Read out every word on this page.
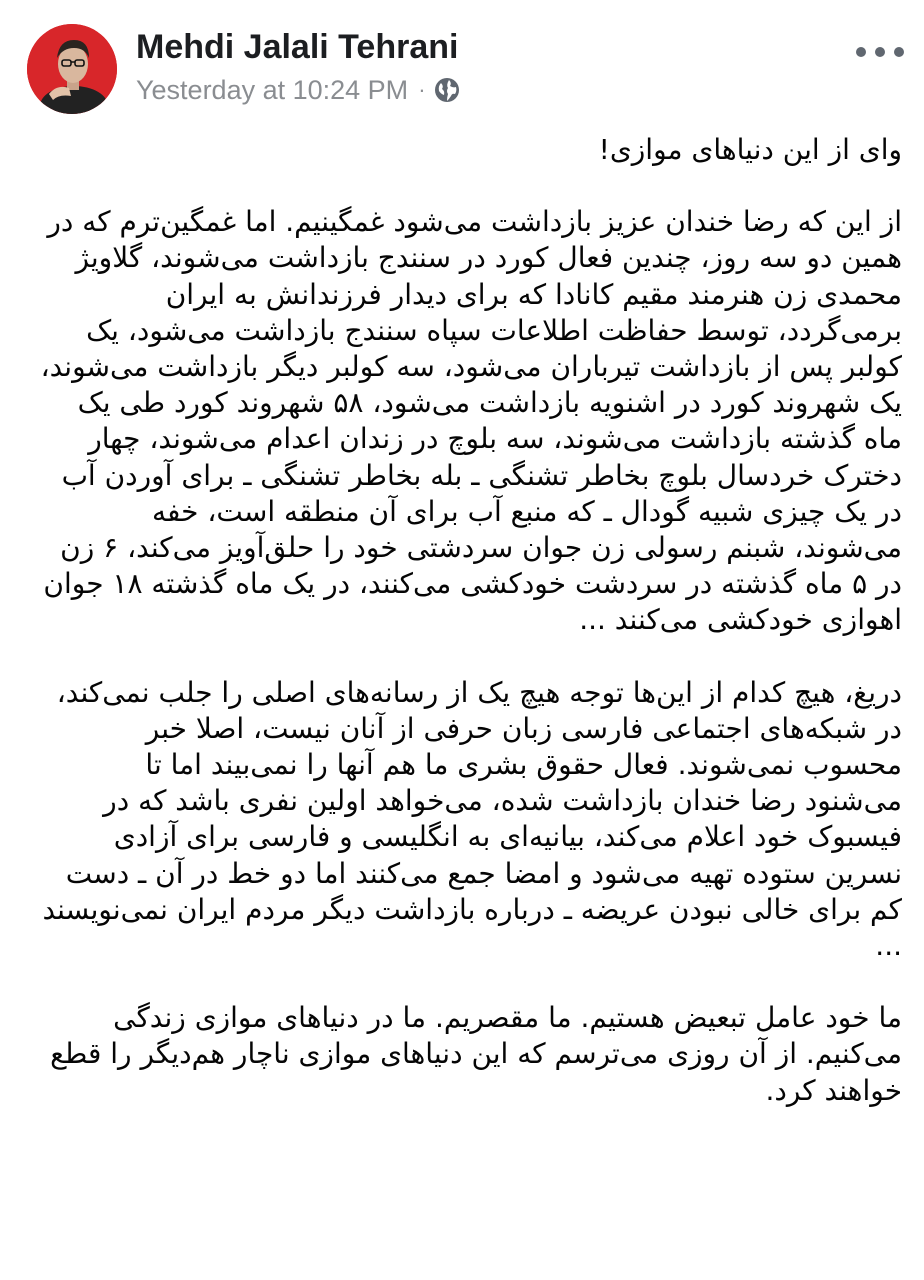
Mehdi Jalali Tehrani
Yesterday at 10:24 PM ·

وای از این دنیاهای موازی!

از این که رضا خندان عزیز بازداشت می‌شود غمگینیم. اما غمگین‌ترم که در همین دو سه روز، چندین فعال کورد در سنندج بازداشت می‌شوند، گلاویژ محمدی زن هنرمند مقیم کانادا که برای دیدار فرزندانش به ایران برمی‌گردد، توسط حفاظت اطلاعات سپاه سنندج بازداشت می‌شود، یک کولبر پس از بازداشت تیرباران می‌شود، سه کولبر دیگر بازداشت می‌شوند، یک شهروند کورد در اشنویه بازداشت می‌شود، ۵۸ شهروند کورد طی یک ماه گذشته بازداشت می‌شوند، سه بلوچ در زندان اعدام می‌شوند، چهار دخترک خردسال بلوچ بخاطر تشنگی ـ بله بخاطر تشنگی ـ برای آوردن آب در یک چیزی شبیه گودال ـ که منبع آب برای آن منطقه است، خفه می‌شوند، شبنم رسولی زن جوان سردشتی خود را حلق‌آویز می‌کند، ۶ زن در ۵ ماه گذشته در سردشت خودکشی می‌کنند، در یک ماه گذشته ۱۸ جوان اهوازی خودکشی می‌کنند ...

دریغ، هیچ کدام از این‌ها توجه هیچ یک از رسانه‌های اصلی را جلب نمی‌کند، در شبکه‌های اجتماعی فارسی زبان حرفی از آنان نیست، اصلا خبر محسوب نمی‌شوند. فعال حقوق بشری ما هم آنها را نمی‌بیند اما تا می‌شنود رضا خندان بازداشت شده، می‌خواهد اولین نفری باشد که در فیسبوک خود اعلام می‌کند، بیانیه‌ای به انگلیسی و فارسی برای آزادی نسرین ستوده تهیه می‌شود و امضا جمع می‌کنند اما دو خط در آن ـ دست کم برای خالی نبودن عریضه ـ درباره بازداشت دیگر مردم ایران نمی‌نویسند ...

ما خود عامل تبعیض هستیم. ما مقصریم. ما در دنیاهای موازی زندگی می‌کنیم. از آن روزی می‌ترسم که این دنیاهای موازی ناچار هم‌دیگر را قطع خواهند کرد.
